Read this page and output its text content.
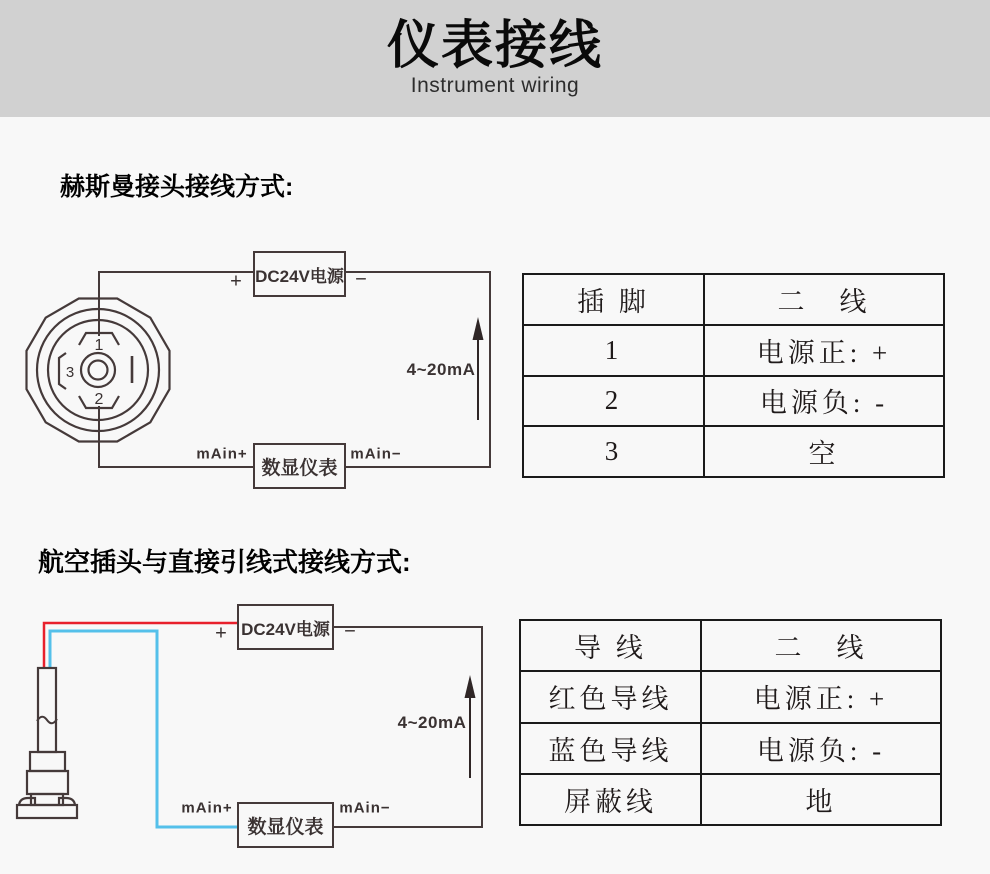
仪表接线
Instrument wiring
赫斯曼接头接线方式:
航空插头与直接引线式接线方式:
1
2
3
DC24V电源
数显仪表
+	−
mAin+	mAin−
4~20mA
DC24V电源
数显仪表
+	−
mAin+	mAin−
4~20mA
插 脚	二　线
1	电源正: +
2	电源负: -
3	空
导 线	二　线
红色导线	电源正: +
蓝色导线	电源负: -
屏蔽线	地
